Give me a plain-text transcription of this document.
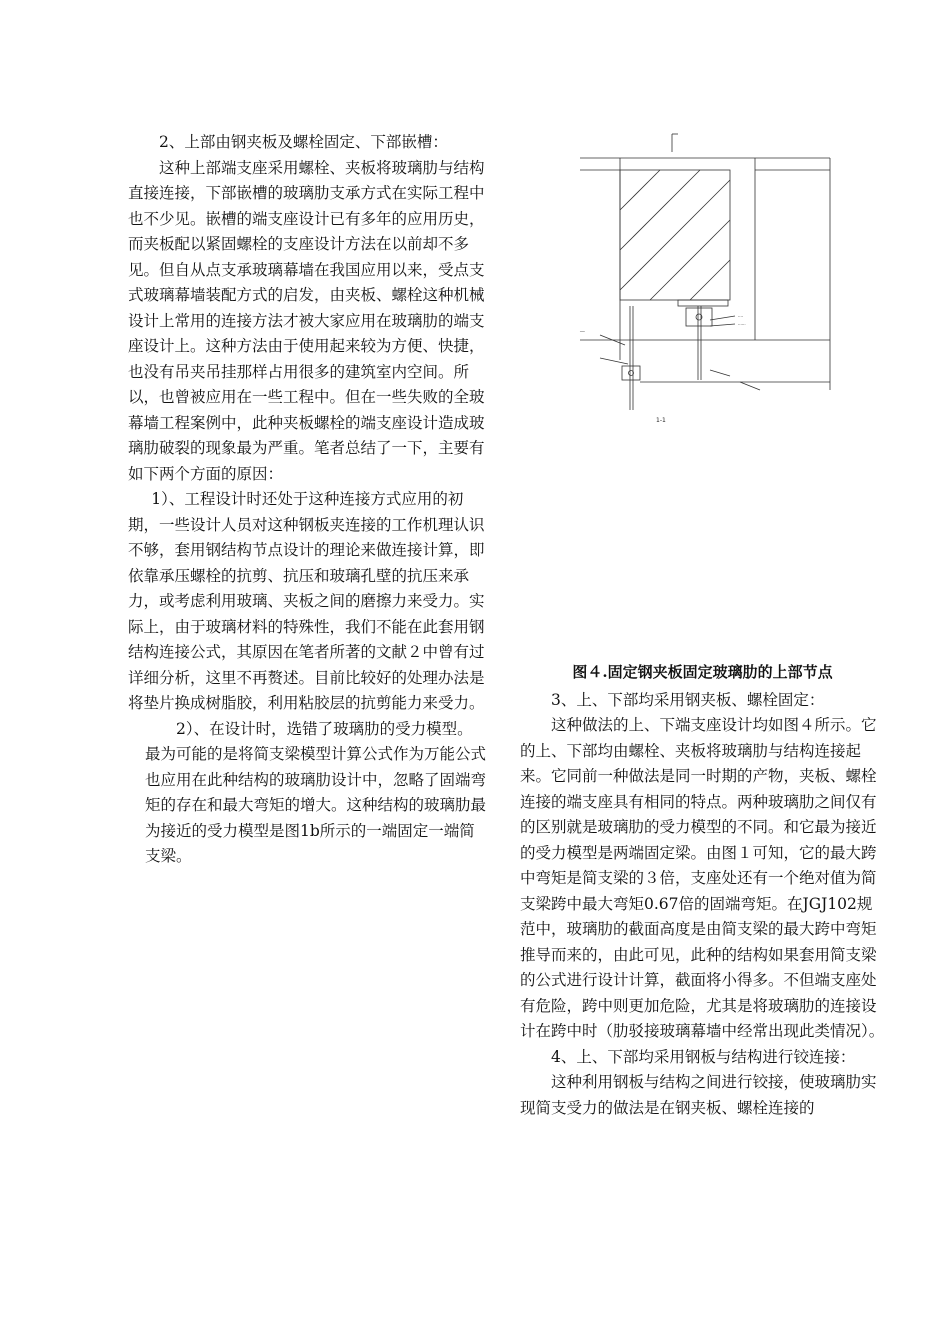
2、上部由钢夹板及螺栓固定、下部嵌槽：

这种上部端支座采用螺栓、夹板将玻璃肋与结构直接连接，下部嵌槽的玻璃肋支承方式在实际工程中也不少见。嵌槽的端支座设计已有多年的应用历史，而夹板配以紧固螺栓的支座设计方法在以前却不多见。但自从点支承玻璃幕墙在我国应用以来，受点支式玻璃幕墙装配方式的启发，由夹板、螺栓这种机械设计上常用的连接方法才被大家应用在玻璃肋的端支座设计上。这种方法由于使用起来较为方便、快捷，也没有吊夹吊挂那样占用很多的建筑室内空间。所以，也曾被应用在一些工程中。但在一些失败的全玻幕墙工程案例中，此种夹板螺栓的端支座设计造成玻璃肋破裂的现象最为严重。笔者总结了一下，主要有如下两个方面的原因：

1）、工程设计时还处于这种连接方式应用的初期，一些设计人员对这种钢板夹连接的工作机理认识不够，套用钢结构节点设计的理论来做连接计算，即依靠承压螺栓的抗剪、抗压和玻璃孔壁的抗压来承力，或考虑利用玻璃、夹板之间的磨擦力来受力。实际上，由于玻璃材料的特殊性，我们不能在此套用钢结构连接公式，其原因在笔者所著的文献２中曾有过详细分析，这里不再赘述。目前比较好的处理办法是将垫片换成树脂胶，利用粘胶层的抗剪能力来受力。

2）、在设计时，选错了玻璃肋的受力模型。最为可能的是将简支梁模型计算公式作为万能公式也应用在此种结构的玻璃肋设计中，忽略了固端弯矩的存在和最大弯矩的增大。这种结构的玻璃肋最为接近的受力模型是图1b所示的一端固定一端简支梁。

──
····
······
1-1

图４.固定钢夹板固定玻璃肋的上部节点

3、上、下部均采用钢夹板、螺栓固定：

这种做法的上、下端支座设计均如图４所示。它的上、下部均由螺栓、夹板将玻璃肋与结构连接起来。它同前一种做法是同一时期的产物，夹板、螺栓连接的端支座具有相同的特点。两种玻璃肋之间仅有的区别就是玻璃肋的受力模型的不同。和它最为接近的受力模型是两端固定梁。由图１可知，它的最大跨中弯矩是简支梁的３倍，支座处还有一个绝对值为简支梁跨中最大弯矩0.67倍的固端弯矩。在JGJ102规范中，玻璃肋的截面高度是由简支梁的最大跨中弯矩推导而来的，由此可见，此种的结构如果套用简支梁的公式进行设计计算，截面将小得多。不但端支座处有危险，跨中则更加危险，尤其是将玻璃肋的连接设计在跨中时（肋驳接玻璃幕墙中经常出现此类情况）。

4、上、下部均采用钢板与结构进行铰连接：

这种利用钢板与结构之间进行铰接，使玻璃肋实现简支受力的做法是在钢夹板、螺栓连接的
